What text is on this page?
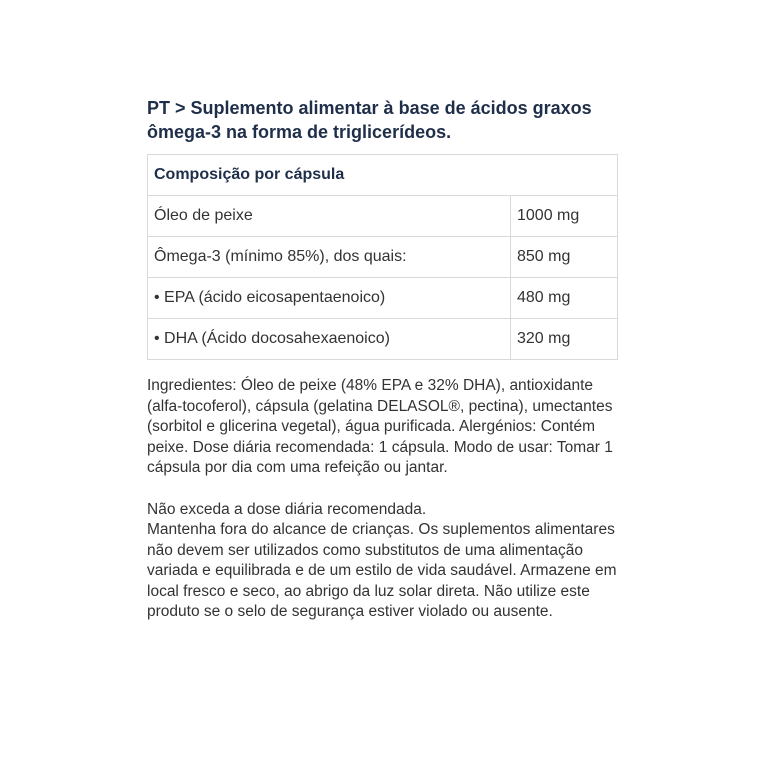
PT > Suplemento alimentar à base de ácidos graxos
ômega-3 na forma de triglicerídeos.
Composição por cápsula	
Óleo de peixe	1000 mg
Ômega-3 (mínimo 85%), dos quais:	850 mg
• EPA (ácido eicosapentaenoico)	480 mg
• DHA (Ácido docosahexaenoico)	320 mg

Ingredientes: Óleo de peixe (48% EPA e 32% DHA), antioxidante (alfa-tocoferol), cápsula (gelatina DELASOL®, pectina), umectantes (sorbitol e glicerina vegetal), água purificada. Alergénios: Contém peixe. Dose diária recomendada: 1 cápsula. Modo de usar: Tomar 1 cápsula por dia com uma refeição ou jantar.

Não exceda a dose diária recomendada.
Mantenha fora do alcance de crianças. Os suplementos alimentares não devem ser utilizados como substitutos de uma alimentação variada e equilibrada e de um estilo de vida saudável. Armazene em local fresco e seco, ao abrigo da luz solar direta. Não utilize este produto se o selo de segurança estiver violado ou ausente.
